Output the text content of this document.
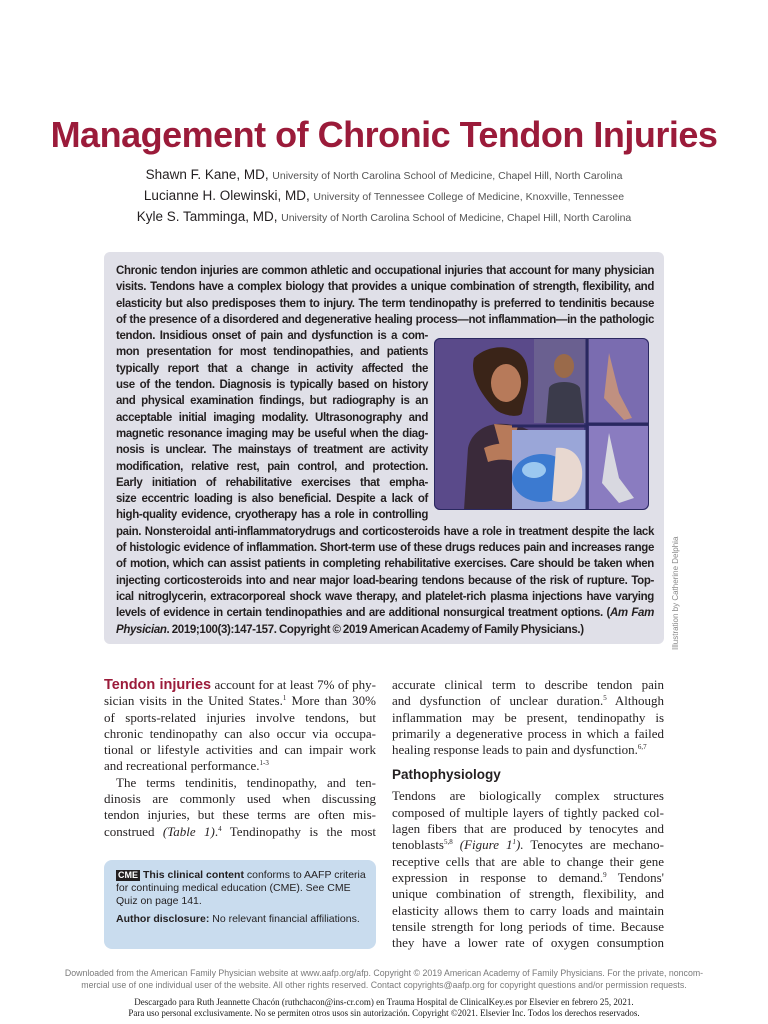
Management of Chronic Tendon Injuries
Shawn F. Kane, MD, University of North Carolina School of Medicine, Chapel Hill, North Carolina
Lucianne H. Olewinski, MD, University of Tennessee College of Medicine, Knoxville, Tennessee
Kyle S. Tamminga, MD, University of North Carolina School of Medicine, Chapel Hill, North Carolina
Chronic tendon injuries are common athletic and occupational injuries that account for many physician
visits. Tendons have a complex biology that provides a unique combination of strength, flexibility, and
elasticity but also predisposes them to injury. The term tendinopathy is preferred to tendinitis because
of the presence of a disordered and degenerative healing process—not inflammation—in the pathologic
tendon. Insidious onset of pain and dysfunction is a com-
mon presentation for most tendinopathies, and patients
typically report that a change in activity affected the
use of the tendon. Diagnosis is typically based on history
and physical examination findings, but radiography is an
acceptable initial imaging modality. Ultrasonography and
magnetic resonance imaging may be useful when the diag-
nosis is unclear. The mainstays of treatment are activity
modification, relative rest, pain control, and protection.
Early initiation of rehabilitative exercises that empha-
size eccentric loading is also beneficial. Despite a lack of
high-quality evidence, cryotherapy has a role in controlling
pain. Nonsteroidal anti-inflammatorydrugs and corticosteroids have a role in treatment despite the lack
of histologic evidence of inflammation. Short-term use of these drugs reduces pain and increases range
of motion, which can assist patients in completing rehabilitative exercises. Care should be taken when
injecting corticosteroids into and near major load-bearing tendons because of the risk of rupture. Top-
ical nitroglycerin, extracorporeal shock wave therapy, and platelet-rich plasma injections have varying
levels of evidence in certain tendinopathies and are additional nonsurgical treatment options. (Am Fam
Physician. 2019;100(3):147-157. Copyright © 2019 American Academy of Family Physicians.)	Illustration by Catherine Delphia
Tendon injuries account for at least 7% of phy-
sician visits in the United States.$^1$ More than 30%
of sports-related injuries involve tendons, but
chronic tendinopathy can also occur via occupa-
tional or lifestyle activities and can impair work
and recreational performance.$^{1-3}$
The terms tendinitis, tendinopathy, and ten-
dinosis are commonly used when discussing
tendon injuries, but these terms are often mis-
construed (Table 1).$^4$ Tendinopathy is the most
CME This clinical content conforms to AAFP criteria for continuing medical education (CME). See CME Quiz on page 141.
Author disclosure: No relevant financial affiliations.
accurate clinical term to describe tendon pain
and dysfunction of unclear duration.$^5$ Although
inflammation may be present, tendinopathy is
primarily a degenerative process in which a failed
healing response leads to pain and dysfunction.$^{6,7}$
Pathophysiology
Tendons are biologically complex structures
composed of multiple layers of tightly packed col-
lagen fibers that are produced by tenocytes and
tenoblasts$^{5,8}$ (Figure $1^1$). Tenocytes are mechano-
receptive cells that are able to change their gene
expression in response to demand.$^9$ Tendons'
unique combination of strength, flexibility, and
elasticity allows them to carry loads and maintain
tensile strength for long periods of time. Because
they have a lower rate of oxygen consumption
Downloaded from the American Family Physician website at www.aafp.org/afp. Copyright © 2019 American Academy of Family Physicians. For the private, noncom-
mercial use of one individual user of the website. All other rights reserved. Contact copyrights@aafp.org for copyright questions and/or permission requests.
Descargado para Ruth Jeannette Chacón (ruthchacon@ins-cr.com) en Trauma Hospital de ClinicalKey.es por Elsevier en febrero 25, 2021.
Para uso personal exclusivamente. No se permiten otros usos sin autorización. Copyright ©2021. Elsevier Inc. Todos los derechos reservados.
